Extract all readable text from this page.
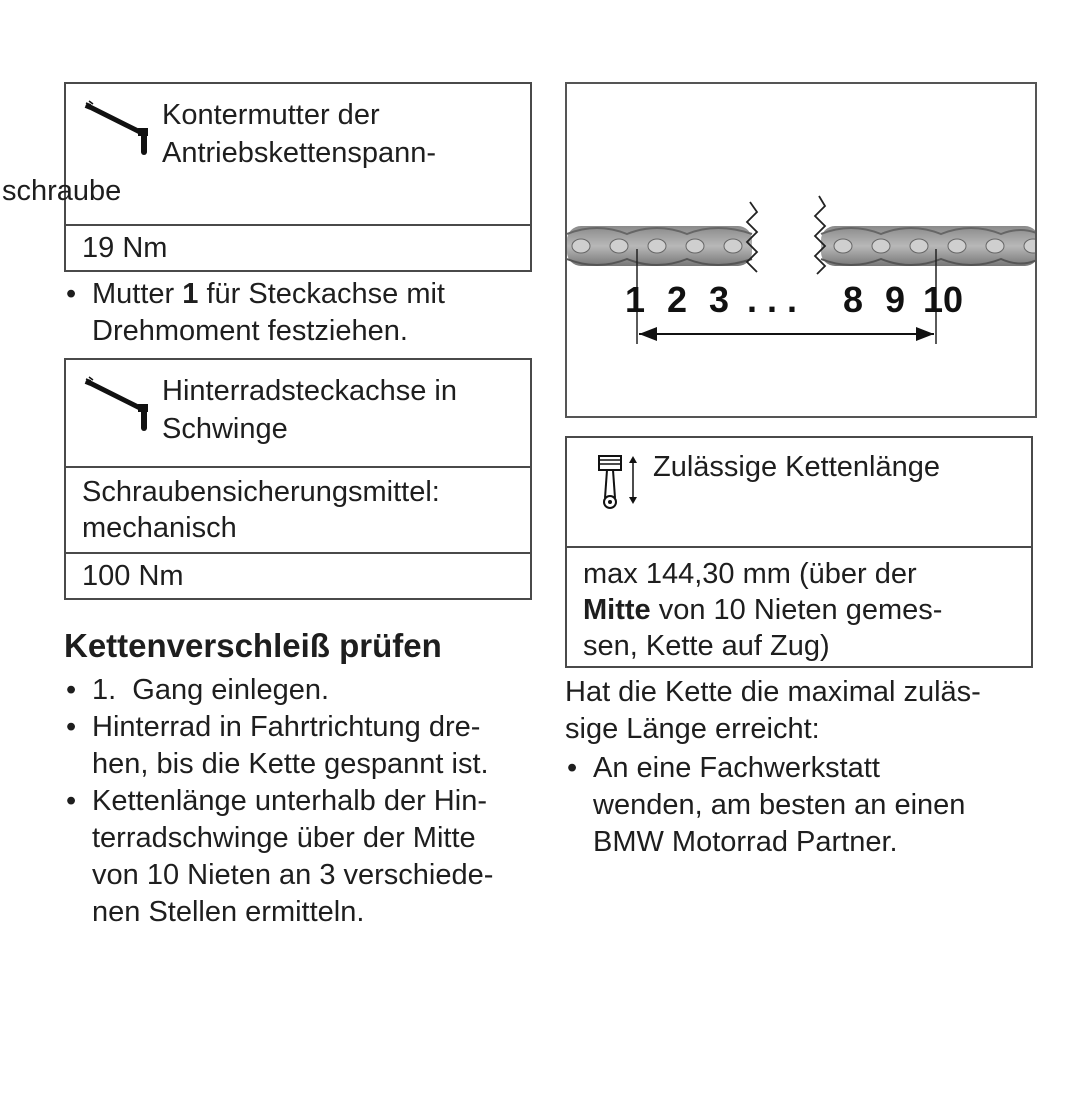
Kontermutter der
Antriebskettenspann-
schraube
19 Nm
• Mutter 1 für Steckachse mit
Drehmoment festziehen.
Hinterradsteckachse in
Schwinge
Schraubensicherungsmittel:
mechanisch
100 Nm
Kettenverschleiß prüfen
• 1.  Gang einlegen.
• Hinterrad in Fahrtrichtung dre-
hen, bis die Kette gespannt ist.
• Kettenlänge unterhalb der Hin-
terradschwinge über der Mitte
von 10 Nieten an 3 verschiede-
nen Stellen ermitteln.
1 2 3 . . . 8 9 10
Zulässige Kettenlänge
max 144,30 mm (über der
Mitte von 10 Nieten gemes-
sen, Kette auf Zug)

Hat die Kette die maximal zuläs-
sige Länge erreicht:

• An eine Fachwerkstatt
wenden, am besten an einen
BMW Motorrad Partner.
